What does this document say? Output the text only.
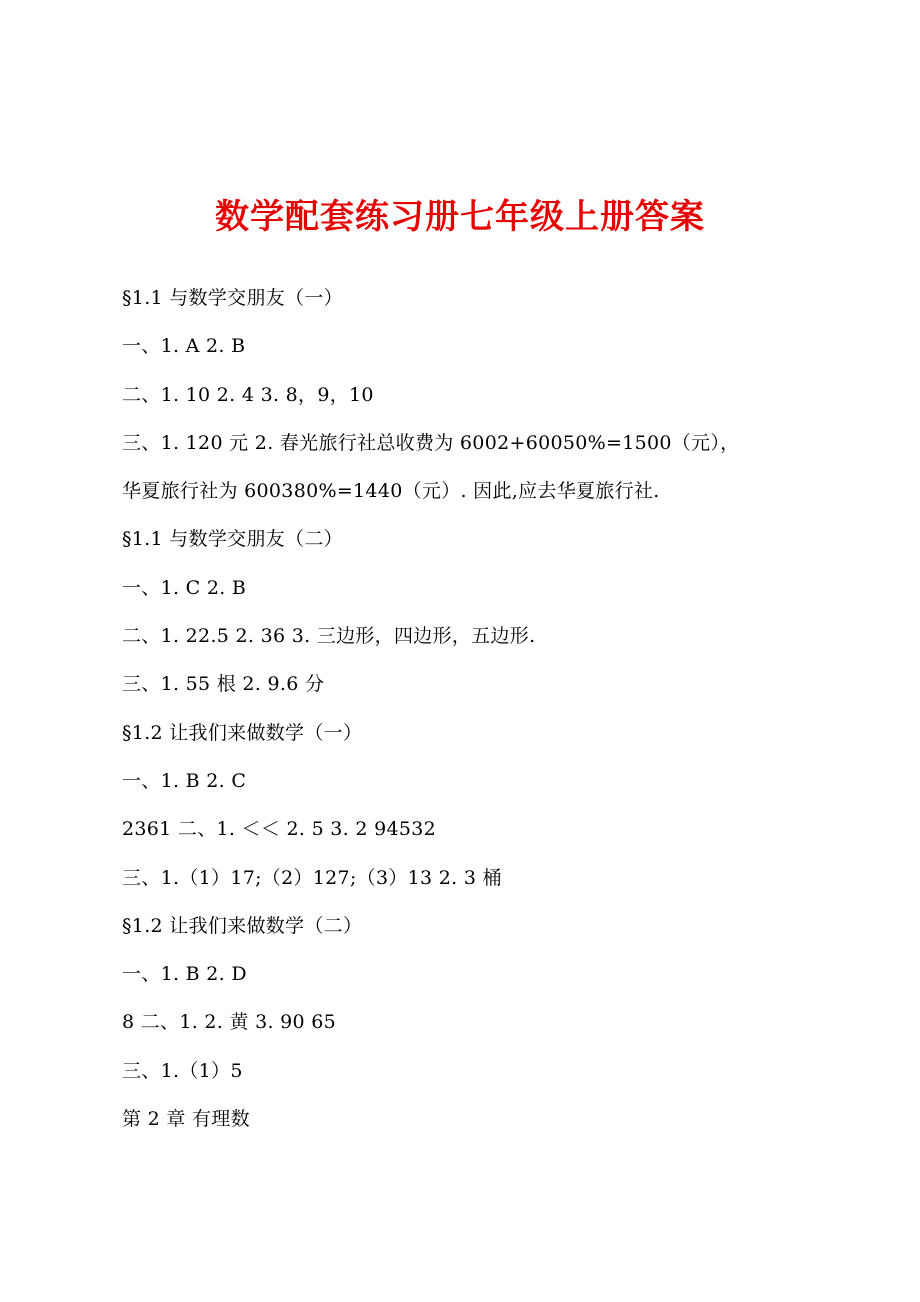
数学配套练习册七年级上册答案
§1.1 与数学交朋友（一）
一、1. A 2. B
二、1. 10 2. 4 3. 8，9，10
三、1. 120 元 2. 春光旅行社总收费为 6002+60050%=1500（元），
华夏旅行社为 600380%=1440（元）. 因此,应去华夏旅行社.
§1.1 与数学交朋友（二）
一、1. C 2. B
二、1. 22.5 2. 36 3. 三边形，四边形，五边形.
三、1. 55 根 2. 9.6 分
§1.2 让我们来做数学（一）
一、1. B 2. C
2361 二、1. ＜＜ 2. 5 3. 2 94532
三、1.（1）17;（2）127;（3）13 2. 3 桶
§1.2 让我们来做数学（二）
一、1. B 2. D
8 二、1. 2. 黄 3. 90 65
三、1.（1）5
第 2 章 有理数
